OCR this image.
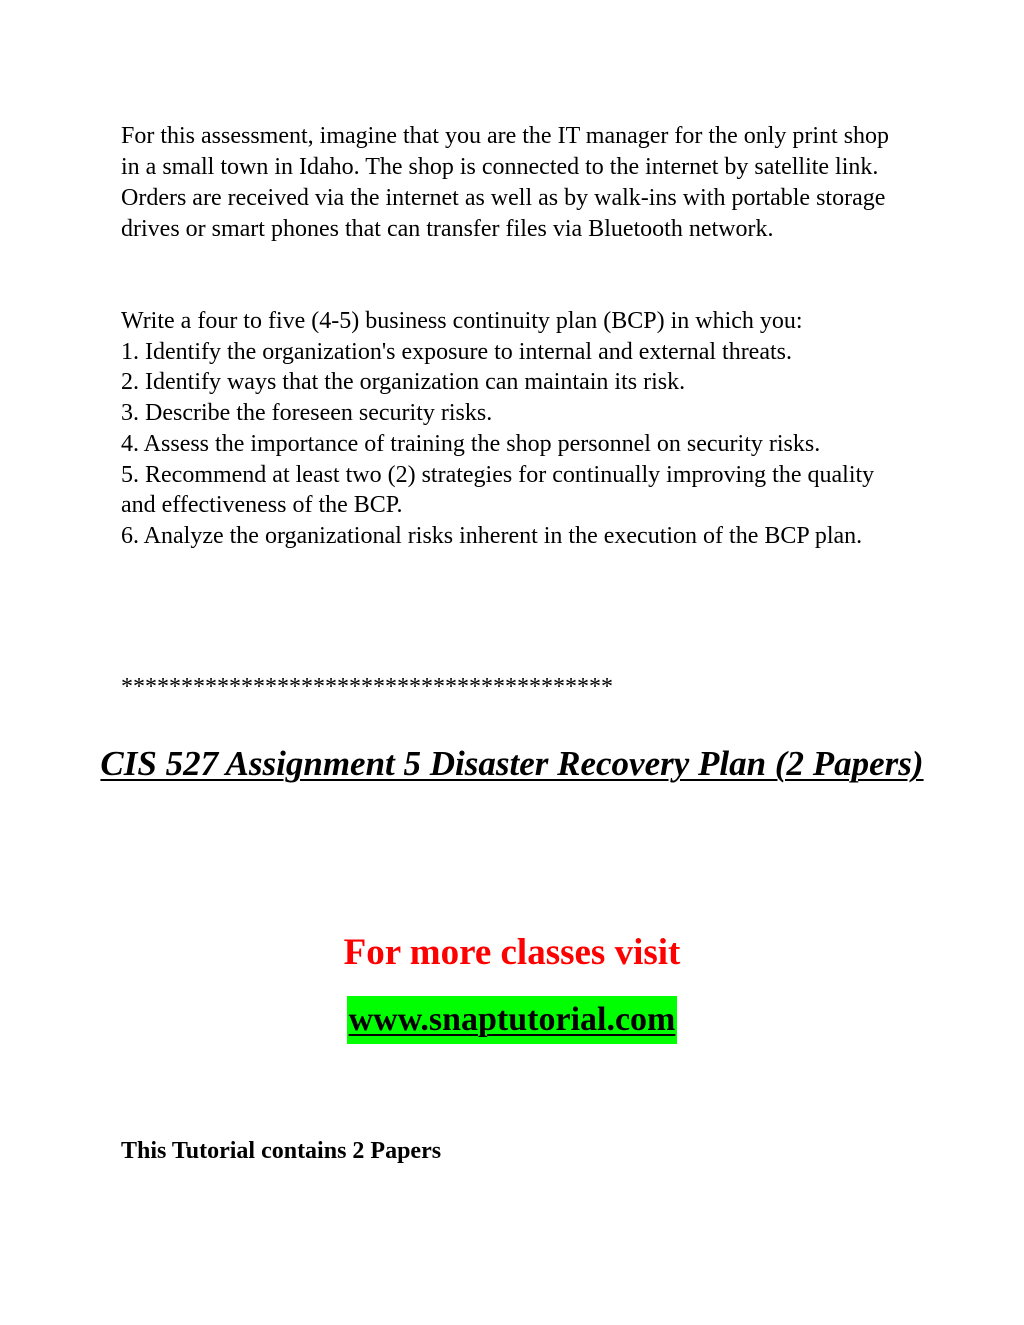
For this assessment, imagine that you are the IT manager for the only print shop in a small town in Idaho. The shop is connected to the internet by satellite link. Orders are received via the internet as well as by walk-ins with portable storage drives or smart phones that can transfer files via Bluetooth network.

Write a four to five (4-5) business continuity plan (BCP) in which you:

1. Identify the organization's exposure to internal and external threats.
2. Identify ways that the organization can maintain its risk.
3. Describe the foreseen security risks.
4. Assess the importance of training the shop personnel on security risks.
5. Recommend at least two (2) strategies for continually improving the quality and effectiveness of the BCP.
6. Analyze the organizational risks inherent in the execution of the BCP plan.
*****************************************
CIS 527 Assignment 5 Disaster Recovery Plan (2 Papers)
For more classes visit
www.snaptutorial.com
This Tutorial contains 2 Papers
